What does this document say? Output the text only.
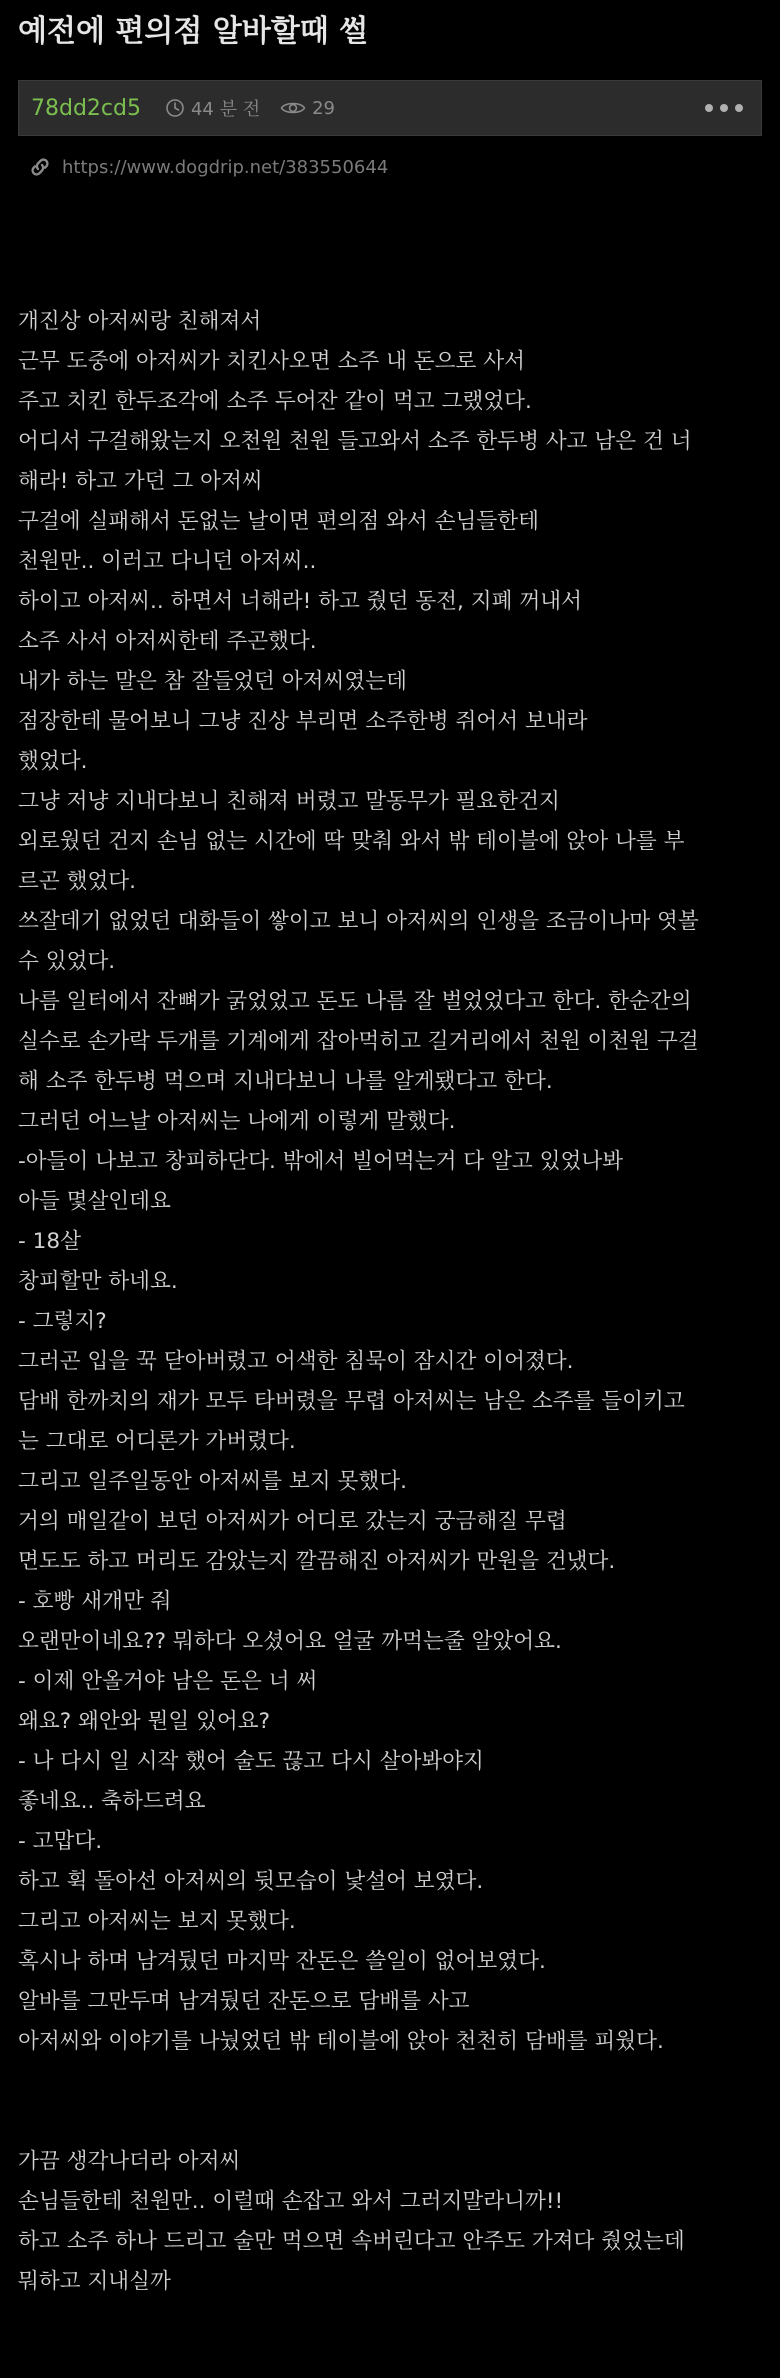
예전에 편의점 알바할때 썰
78dd2cd5	44 분 전	29
https://www.dogdrip.net/383550644

개진상 아저씨랑 친해져서

근무 도중에 아저씨가 치킨사오면 소주 내 돈으로 사서

주고 치킨 한두조각에 소주 두어잔 같이 먹고 그랬었다.

어디서 구걸해왔는지 오천원 천원 들고와서 소주 한두병 사고 남은 건 너

해라! 하고 가던 그 아저씨

구걸에 실패해서 돈없는 날이면 편의점 와서 손님들한테

천원만.. 이러고 다니던 아저씨..

하이고 아저씨.. 하면서 너해라! 하고 줬던 동전, 지폐 꺼내서

소주 사서 아저씨한테 주곤했다.

내가 하는 말은 참 잘들었던 아저씨였는데

점장한테 물어보니 그냥 진상 부리면 소주한병 쥐어서 보내라

했었다.

그냥 저냥 지내다보니 친해져 버렸고 말동무가 필요한건지

외로웠던 건지 손님 없는 시간에 딱 맞춰 와서 밖 테이블에 앉아 나를 부

르곤 했었다.

쓰잘데기 없었던 대화들이 쌓이고 보니 아저씨의 인생을 조금이나마 엿볼

수 있었다.

나름 일터에서 잔뼈가 굵었었고 돈도 나름 잘 벌었었다고 한다. 한순간의

실수로 손가락 두개를 기계에게 잡아먹히고 길거리에서 천원 이천원 구걸

해 소주 한두병 먹으며 지내다보니 나를 알게됐다고 한다.

그러던 어느날 아저씨는 나에게 이렇게 말했다.

-아들이 나보고 창피하단다. 밖에서 빌어먹는거 다 알고 있었나봐

아들 몇살인데요

- 18살

창피할만 하네요.

- 그렇지?

그러곤 입을 꾹 닫아버렸고 어색한 침묵이 잠시간 이어졌다.

담배 한까치의 재가 모두 타버렸을 무렵 아저씨는 남은 소주를 들이키고

는 그대로 어디론가 가버렸다.

그리고 일주일동안 아저씨를 보지 못했다.

거의 매일같이 보던 아저씨가 어디로 갔는지 궁금해질 무렵

면도도 하고 머리도 감았는지 깔끔해진 아저씨가 만원을 건냈다.

- 호빵 새개만 줘

오랜만이네요?? 뭐하다 오셨어요 얼굴 까먹는줄 알았어요.

- 이제 안올거야 남은 돈은 너 써

왜요? 왜안와 뭔일 있어요?

- 나 다시 일 시작 했어 술도 끊고 다시 살아봐야지

좋네요.. 축하드려요

- 고맙다.

하고 휙 돌아선 아저씨의 뒷모습이 낯설어 보였다.

그리고 아저씨는 보지 못했다.

혹시나 하며 남겨뒀던 마지막 잔돈은 쓸일이 없어보였다.

알바를 그만두며 남겨뒀던 잔돈으로 담배를 사고

아저씨와 이야기를 나눴었던 밖 테이블에 앉아 천천히 담배를 피웠다.

가끔 생각나더라 아저씨

손님들한테 천원만.. 이럴때 손잡고 와서 그러지말라니까!!

하고 소주 하나 드리고 술만 먹으면 속버린다고 안주도 가져다 줬었는데

뭐하고 지내실까
